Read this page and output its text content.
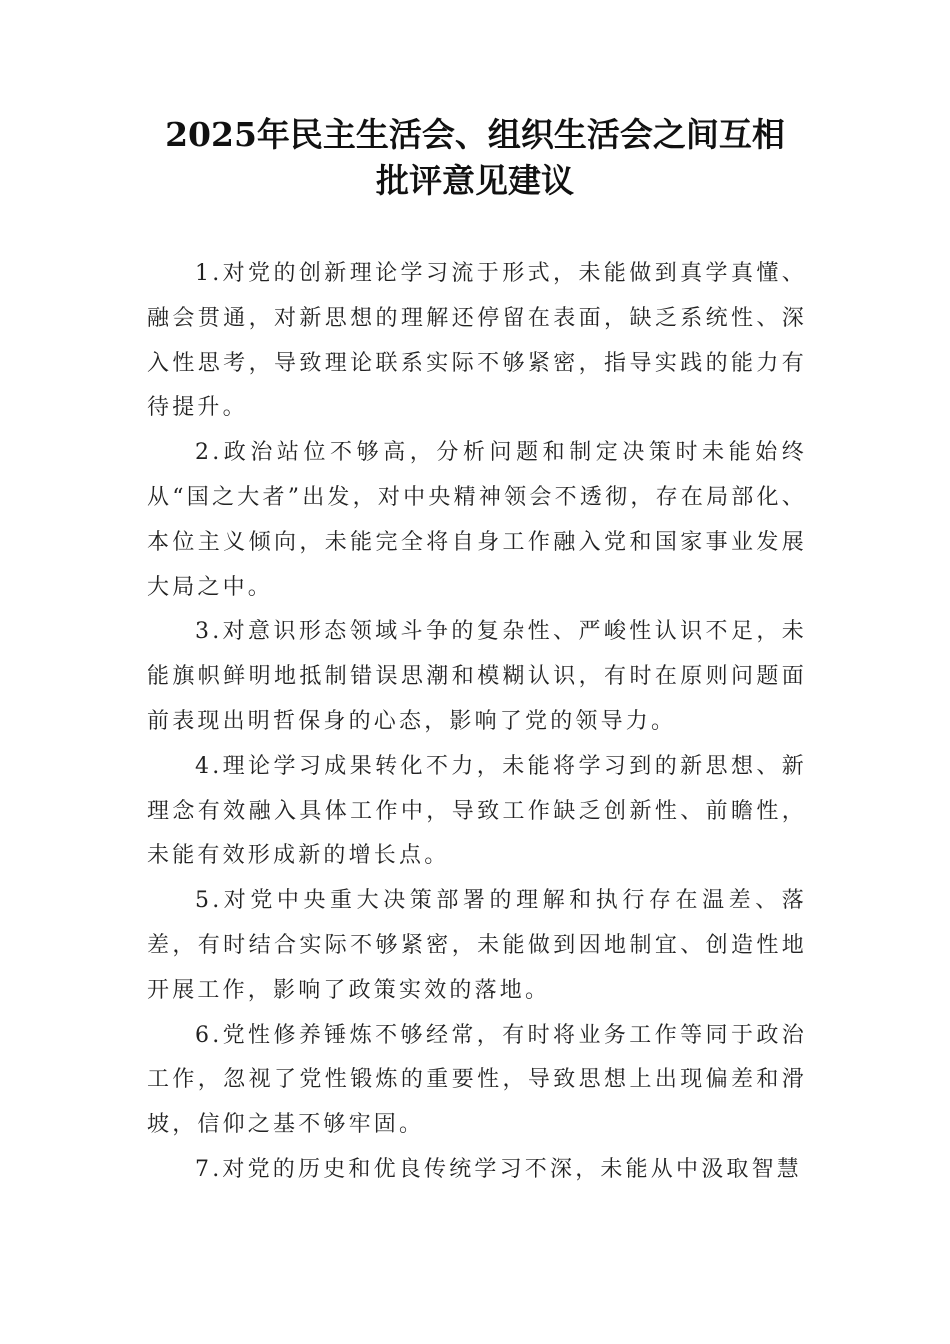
2025年民主生活会、组织生活会之间互相
批评意见建议

1.对党的创新理论学习流于形式，未能做到真学真懂、融会贯通，对新思想的理解还停留在表面，缺乏系统性、深入性思考，导致理论联系实际不够紧密，指导实践的能力有待提升。

2.政治站位不够高，分析问题和制定决策时未能始终从“国之大者”出发，对中央精神领会不透彻，存在局部化、本位主义倾向，未能完全将自身工作融入党和国家事业发展大局之中。

3.对意识形态领域斗争的复杂性、严峻性认识不足，未能旗帜鲜明地抵制错误思潮和模糊认识，有时在原则问题面前表现出明哲保身的心态，影响了党的领导力。

4.理论学习成果转化不力，未能将学习到的新思想、新理念有效融入具体工作中，导致工作缺乏创新性、前瞻性，未能有效形成新的增长点。

5.对党中央重大决策部署的理解和执行存在温差、落差，有时结合实际不够紧密，未能做到因地制宜、创造性地开展工作，影响了政策实效的落地。

6.党性修养锤炼不够经常，有时将业务工作等同于政治工作，忽视了党性锻炼的重要性，导致思想上出现偏差和滑坡，信仰之基不够牢固。

7.对党的历史和优良传统学习不深，未能从中汲取智慧
